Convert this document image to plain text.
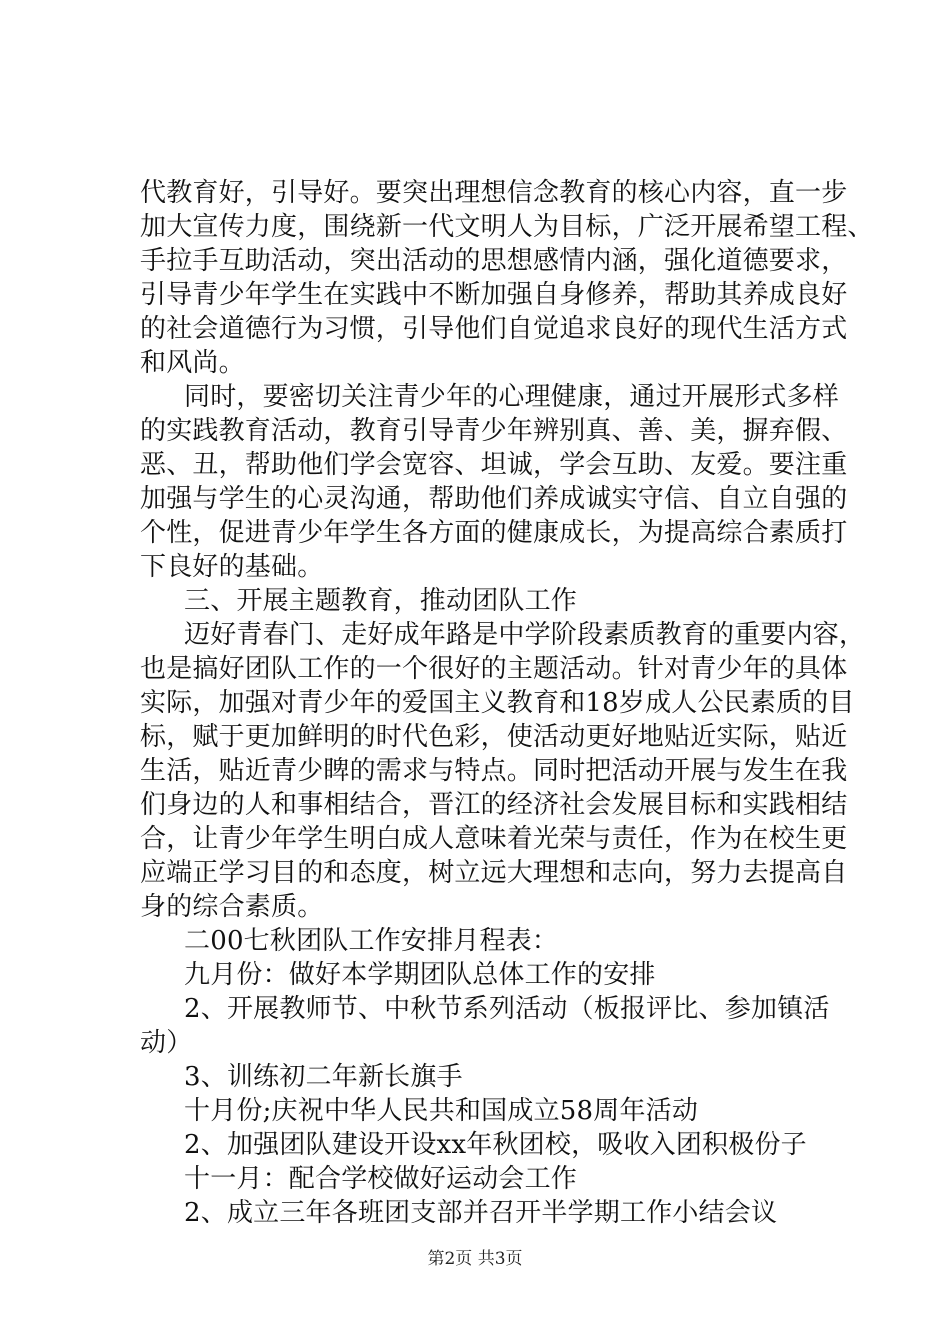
代教育好，引导好。要突出理想信念教育的核心内容，直一步
加大宣传力度，围绕新一代文明人为目标，广泛开展希望工程、
手拉手互助活动，突出活动的思想感情内涵，强化道德要求，
引导青少年学生在实践中不断加强自身修养，帮助其养成良好
的社会道德行为习惯，引导他们自觉追求良好的现代生活方式
和风尚。
同时，要密切关注青少年的心理健康，通过开展形式多样
的实践教育活动，教育引导青少年辨别真、善、美，摒弃假、
恶、丑，帮助他们学会宽容、坦诚，学会互助、友爱。要注重
加强与学生的心灵沟通，帮助他们养成诚实守信、自立自强的
个性，促进青少年学生各方面的健康成长，为提高综合素质打
下良好的基础。
三、开展主题教育，推动团队工作
迈好青春门、走好成年路是中学阶段素质教育的重要内容，
也是搞好团队工作的一个很好的主题活动。针对青少年的具体
实际，加强对青少年的爱国主义教育和18岁成人公民素质的目
标，赋于更加鲜明的时代色彩，使活动更好地贴近实际，贴近
生活，贴近青少睥的需求与特点。同时把活动开展与发生在我
们身边的人和事相结合，晋江的经济社会发展目标和实践相结
合，让青少年学生明白成人意味着光荣与责任，作为在校生更
应端正学习目的和态度，树立远大理想和志向，努力去提高自
身的综合素质。
二00七秋团队工作安排月程表：
九月份：做好本学期团队总体工作的安排
2、开展教师节、中秋节系列活动（板报评比、参加镇活
动）
3、训练初二年新长旗手
十月份;庆祝中华人民共和国成立58周年活动
2、加强团队建设开设xx年秋团校，吸收入团积极份子
十一月：配合学校做好运动会工作
2、成立三年各班团支部并召开半学期工作小结会议
第2页 共3页
